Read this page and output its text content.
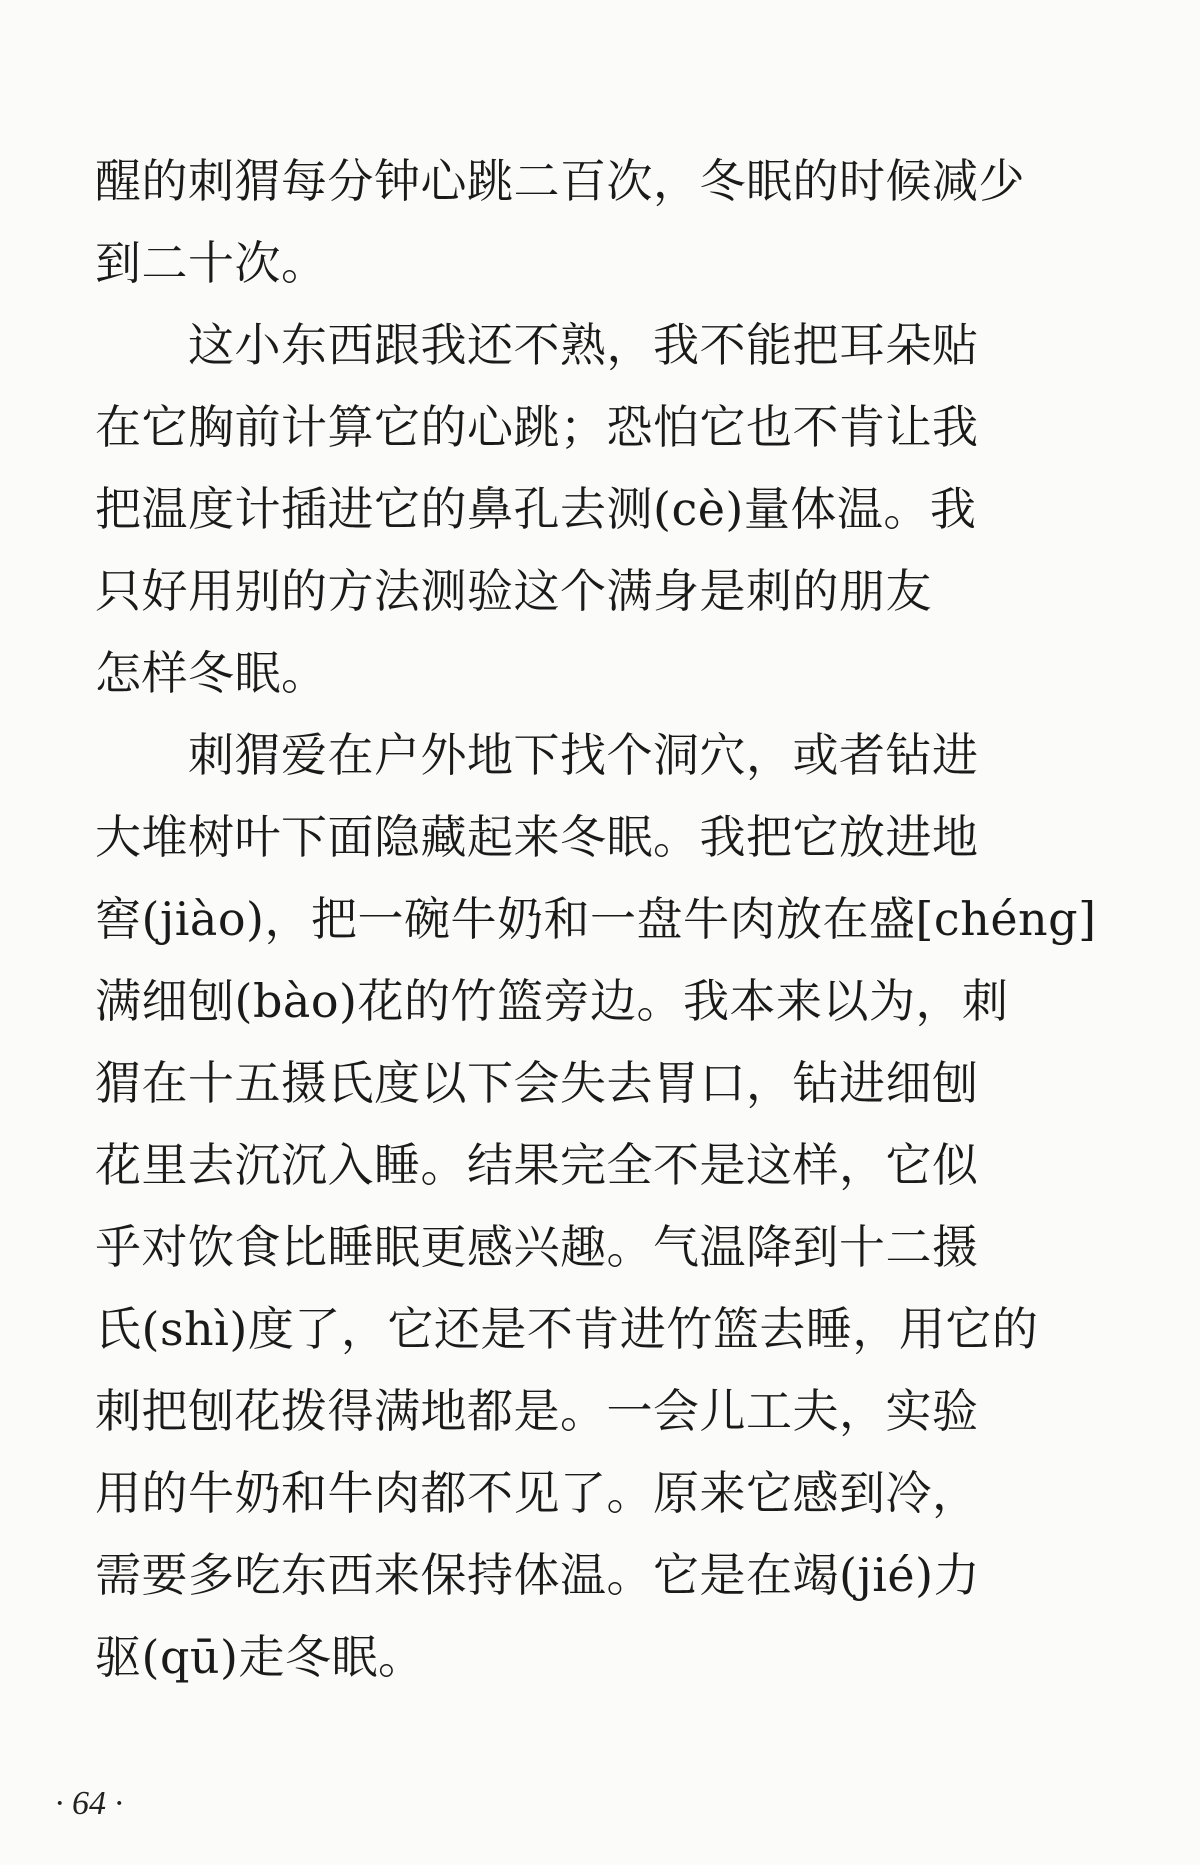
醒的刺猬每分钟心跳二百次，冬眠的时候减少
到二十次。
　　这小东西跟我还不熟，我不能把耳朵贴
在它胸前计算它的心跳；恐怕它也不肯让我
把温度计插进它的鼻孔去测(cè)量体温。我
只好用别的方法测验这个满身是刺的朋友
怎样冬眠。
　　刺猬爱在户外地下找个洞穴，或者钻进
大堆树叶下面隐藏起来冬眠。我把它放进地
窖(jiào)，把一碗牛奶和一盘牛肉放在盛[chéng]
满细刨(bào)花的竹篮旁边。我本来以为，刺
猬在十五摄氏度以下会失去胃口，钻进细刨
花里去沉沉入睡。结果完全不是这样，它似
乎对饮食比睡眠更感兴趣。气温降到十二摄
氏(shì)度了，它还是不肯进竹篮去睡，用它的
刺把刨花拨得满地都是。一会儿工夫，实验
用的牛奶和牛肉都不见了。原来它感到冷，
需要多吃东西来保持体温。它是在竭(jié)力
驱(qū)走冬眠。
· 64 ·
